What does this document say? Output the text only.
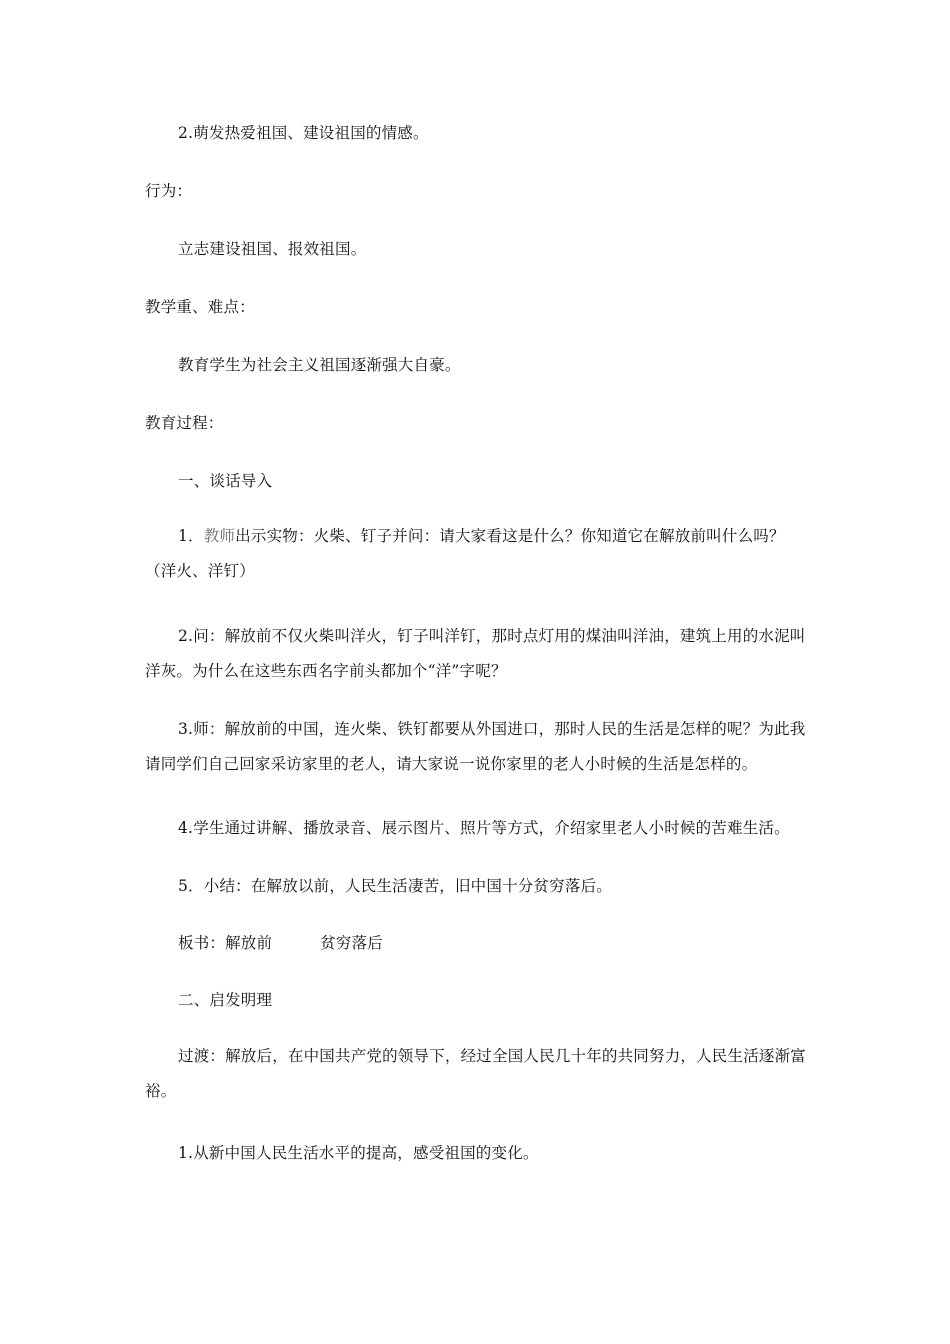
2.萌发热爱祖国、建设祖国的情感。
行为：
立志建设祖国、报效祖国。
教学重、难点：
教育学生为社会主义祖国逐渐强大自豪。
教育过程：
一、谈话导入
1．教师出示实物：火柴、钉子并问：请大家看这是什么？你知道它在解放前叫什么吗？（洋火、洋钉）
2.问：解放前不仅火柴叫洋火，钉子叫洋钉，那时点灯用的煤油叫洋油，建筑上用的水泥叫洋灰。为什么在这些东西名字前头都加个“洋”字呢？
3.师：解放前的中国，连火柴、铁钉都要从外国进口，那时人民的生活是怎样的呢？为此我请同学们自己回家采访家里的老人，请大家说一说你家里的老人小时候的生活是怎样的。
4.学生通过讲解、播放录音、展示图片、照片等方式，介绍家里老人小时候的苦难生活。
5．小结：在解放以前，人民生活凄苦，旧中国十分贫穷落后。
板书：解放前	贫穷落后
二、启发明理
过渡：解放后，在中国共产党的领导下，经过全国人民几十年的共同努力，人民生活逐渐富裕。
1.从新中国人民生活水平的提高，感受祖国的变化。
